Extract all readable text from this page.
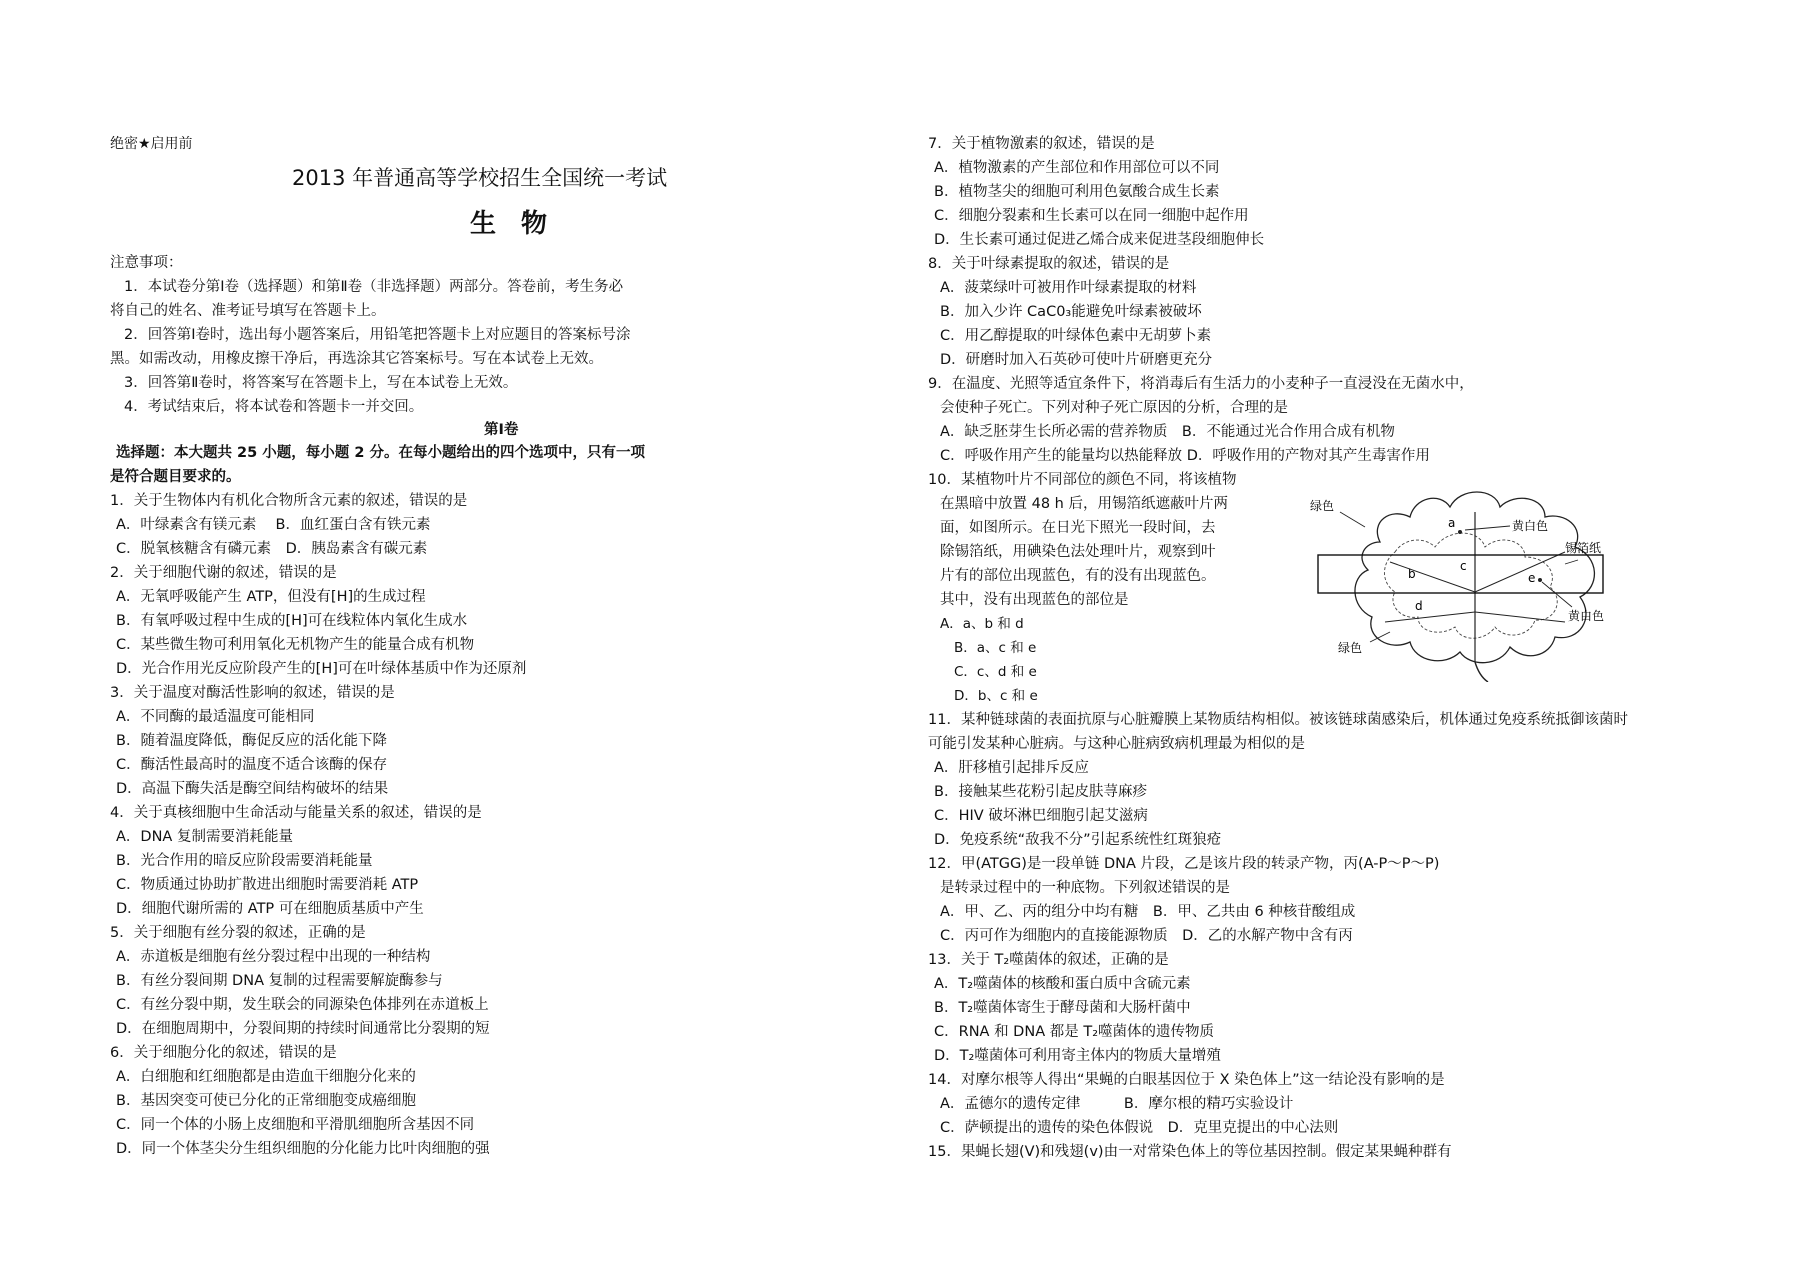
绝密★启用前
2013 年普通高等学校招生全国统一考试
生 物
注意事项：
1．本试卷分第Ⅰ卷（选择题）和第Ⅱ卷（非选择题）两部分。答卷前，考生务必
将自己的姓名、准考证号填写在答题卡上。
2．回答第Ⅰ卷时，选出每小题答案后，用铅笔把答题卡上对应题目的答案标号涂
黑。如需改动，用橡皮擦干净后，再选涂其它答案标号。写在本试卷上无效。
3．回答第Ⅱ卷时，将答案写在答题卡上，写在本试卷上无效。
4．考试结束后，将本试卷和答题卡一并交回。
第Ⅰ卷
选择题：本大题共 25 小题，每小题 2 分。在每小题给出的四个选项中，只有一项
是符合题目要求的。
1．关于生物体内有机化合物所含元素的叙述，错误的是
A．叶绿素含有镁元素　 B．血红蛋白含有铁元素
C．脱氧核糖含有磷元素　D．胰岛素含有碳元素
2．关于细胞代谢的叙述，错误的是
A．无氧呼吸能产生 ATP，但没有[H]的生成过程
B．有氧呼吸过程中生成的[H]可在线粒体内氧化生成水
C．某些微生物可利用氧化无机物产生的能量合成有机物
D．光合作用光反应阶段产生的[H]可在叶绿体基质中作为还原剂
3．关于温度对酶活性影响的叙述，错误的是
A．不同酶的最适温度可能相同
B．随着温度降低，酶促反应的活化能下降
C．酶活性最高时的温度不适合该酶的保存
D．高温下酶失活是酶空间结构破坏的结果
4．关于真核细胞中生命活动与能量关系的叙述，错误的是
A．DNA 复制需要消耗能量
B．光合作用的暗反应阶段需要消耗能量
C．物质通过协助扩散进出细胞时需要消耗 ATP
D．细胞代谢所需的 ATP 可在细胞质基质中产生
5．关于细胞有丝分裂的叙述，正确的是
A．赤道板是细胞有丝分裂过程中出现的一种结构
B．有丝分裂间期 DNA 复制的过程需要解旋酶参与
C．有丝分裂中期，发生联会的同源染色体排列在赤道板上
D．在细胞周期中，分裂间期的持续时间通常比分裂期的短
6．关于细胞分化的叙述，错误的是
A．白细胞和红细胞都是由造血干细胞分化来的
B．基因突变可使已分化的正常细胞变成癌细胞
C．同一个体的小肠上皮细胞和平滑肌细胞所含基因不同
D．同一个体茎尖分生组织细胞的分化能力比叶肉细胞的强
7．关于植物激素的叙述，错误的是
A．植物激素的产生部位和作用部位可以不同
B．植物茎尖的细胞可利用色氨酸合成生长素
C．细胞分裂素和生长素可以在同一细胞中起作用
D．生长素可通过促进乙烯合成来促进茎段细胞伸长
8．关于叶绿素提取的叙述，错误的是
A．菠菜绿叶可被用作叶绿素提取的材料
B．加入少许 CaC0₃能避免叶绿素被破坏
C．用乙醇提取的叶绿体色素中无胡萝卜素
D．研磨时加入石英砂可使叶片研磨更充分
9．在温度、光照等适宜条件下，将消毒后有生活力的小麦种子一直浸没在无菌水中，
会使种子死亡。下列对种子死亡原因的分析，合理的是
A．缺乏胚芽生长所必需的营养物质　B．不能通过光合作用合成有机物
C．呼吸作用产生的能量均以热能释放 D．呼吸作用的产物对其产生毒害作用
10．某植物叶片不同部位的颜色不同，将该植物
在黑暗中放置 48 h 后，用锡箔纸遮蔽叶片两
面，如图所示。在日光下照光一段时间，去
除锡箔纸，用碘染色法处理叶片，观察到叶
片有的部位出现蓝色，有的没有出现蓝色。
其中，没有出现蓝色的部位是
A．a、b 和 d
B．a、c 和 e
C．c、d 和 e
D．b、c 和 e
11．某种链球菌的表面抗原与心脏瓣膜上某物质结构相似。被该链球菌感染后，机体通过免疫系统抵御该菌时
可能引发某种心脏病。与这种心脏病致病机理最为相似的是
A．肝移植引起排斥反应
B．接触某些花粉引起皮肤荨麻疹
C．HIV 破坏淋巴细胞引起艾滋病
D．免疫系统“敌我不分”引起系统性红斑狼疮
12．甲(ATGG)是一段单链 DNA 片段，乙是该片段的转录产物，丙(A-P～P～P)
是转录过程中的一种底物。下列叙述错误的是
A．甲、乙、丙的组分中均有糖　B．甲、乙共由 6 种核苷酸组成
C．丙可作为细胞内的直接能源物质　D．乙的水解产物中含有丙
13．关于 T₂噬菌体的叙述，正确的是
A．T₂噬菌体的核酸和蛋白质中含硫元素
B．T₂噬菌体寄生于酵母菌和大肠杆菌中
C．RNA 和 DNA 都是 T₂噬菌体的遗传物质
D．T₂噬菌体可利用寄主体内的物质大量增殖
14．对摩尔根等人得出“果蝇的白眼基因位于 X 染色体上”这一结论没有影响的是
A．孟德尔的遗传定律　　　B．摩尔根的精巧实验设计
C．萨顿提出的遗传的染色体假说　D．克里克提出的中心法则
15．果蝇长翅(V)和残翅(v)由一对常染色体上的等位基因控制。假定某果蝇种群有
绿色
黄白色
锡箔纸
绿色
黄白色
a
b
c
d
e
